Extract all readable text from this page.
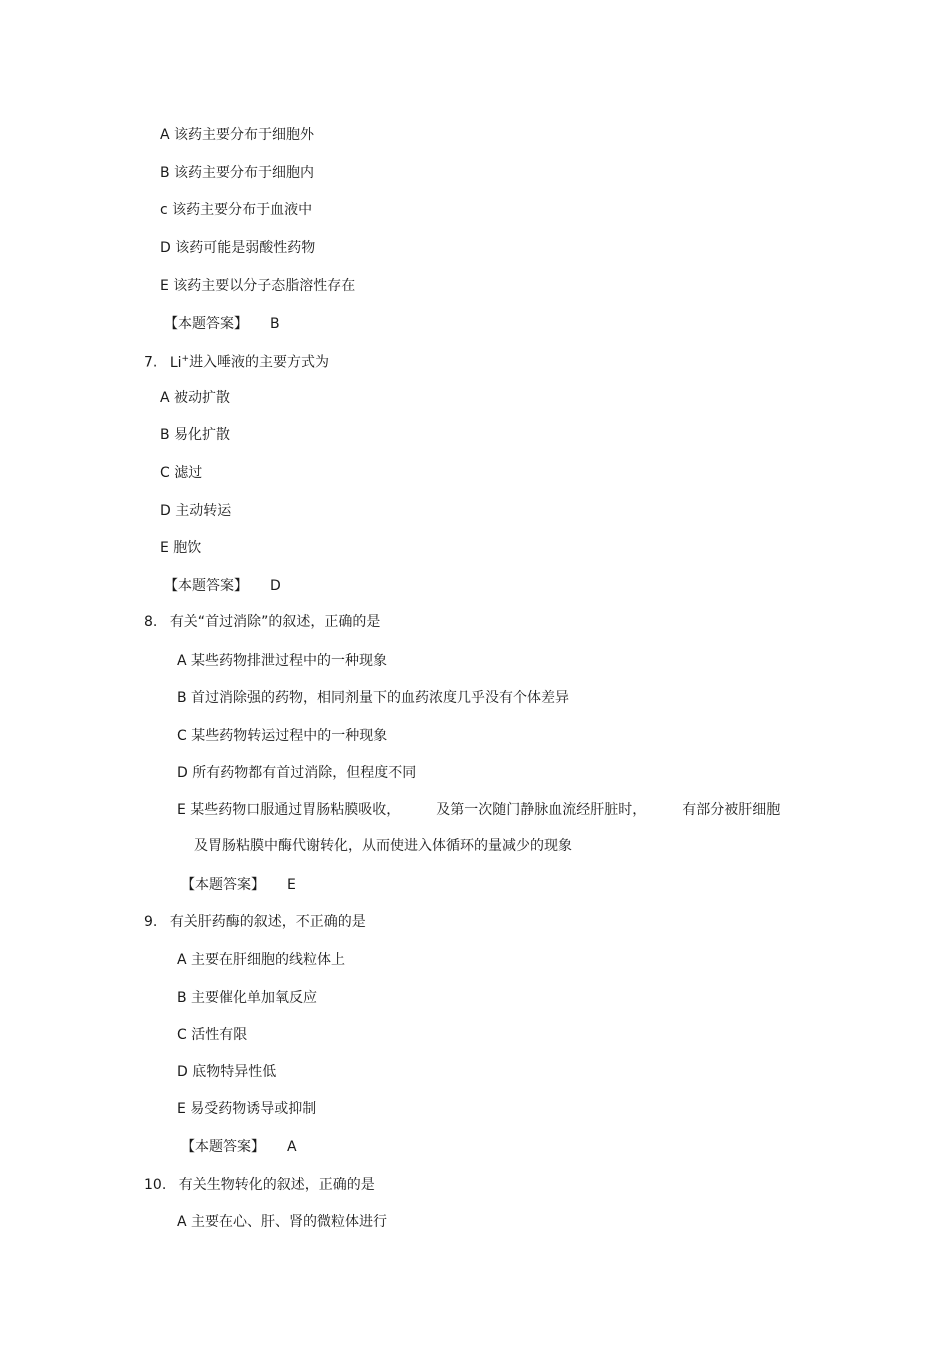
A 该药主要分布于细胞外
B 该药主要分布于细胞内
c 该药主要分布于血液中
D 该药可能是弱酸性药物
E 该药主要以分子态脂溶性存在
【本题答案】 B
7. Li+进入唾液的主要方式为
A 被动扩散
B 易化扩散
C 滤过
D 主动转运
E 胞饮
【本题答案】 D
8. 有关“首过消除”的叙述，正确的是
A 某些药物排泄过程中的一种现象
B 首过消除强的药物，相同剂量下的血药浓度几乎没有个体差异
C 某些药物转运过程中的一种现象
D 所有药物都有首过消除，但程度不同
E 某些药物口服通过胃肠粘膜吸收，	及第一次随门静脉血流经肝脏时，	有部分被肝细胞
及胃肠粘膜中酶代谢转化，从而使进入体循环的量减少的现象
【本题答案】 E
9. 有关肝药酶的叙述，不正确的是
A 主要在肝细胞的线粒体上
B 主要催化单加氧反应
C 活性有限
D 底物特异性低
E 易受药物诱导或抑制
【本题答案】 A
10. 有关生物转化的叙述，正确的是
A 主要在心、肝、肾的微粒体进行
